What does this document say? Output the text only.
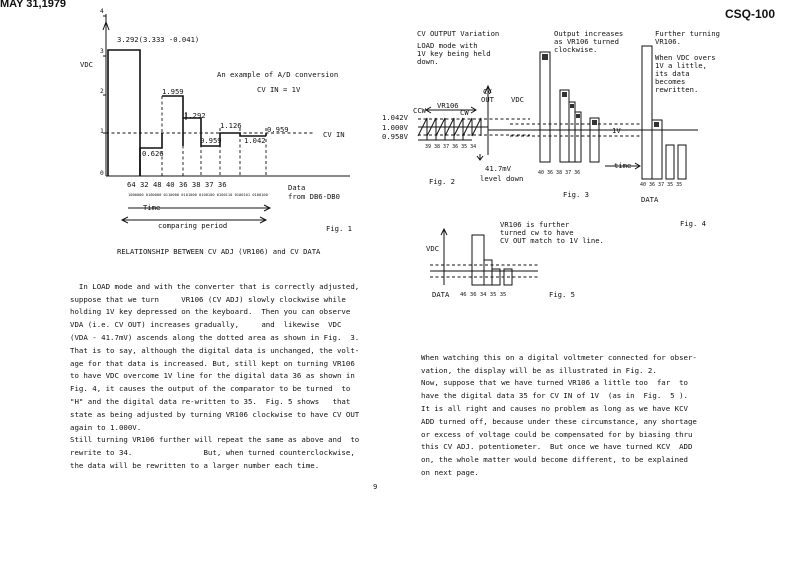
MAY 31,1979
CSQ-100
VDC
4
3
2
1
0
3.292(3.333 -0.041)
An example of A/D conversion
CV IN = 1V
1.959
1.292
1.126
0.959
0.626
0.959
1.042
CV IN
64 32 48 40 36 38 37 36	Data
from DB6-DB0
1000000 0100000 0110000 0101000 0100100 0100110 0100101 0100100
Time
comparing period	Fig. 1
RELATIONSHIP BETWEEN CV ADJ (VR106) and CV DATA

In LOAD mode and with the converter that is correctly adjusted,
suppose that we turn     VR106 (CV ADJ) slowly clockwise while
holding 1V key depressed on the keyboard.  Then you can observe
VDA (i.e. CV OUT) increases gradually,     and  likewise  VDC
(VDA - 41.7mV) ascends along the dotted area as shown in Fig.  3.
That is to say, although the digital data is unchanged, the volt-
age for that data is increased. But, still kept on turning VR106
to have VDC overcome 1V line for the digital data 36 as shown in
Fig. 4, it causes the output of the comparator to be turned  to
"H" and the digital data re-written to 35.  Fig. 5 shows   that
state as being adjusted by turning VR106 clockwise to have CV OUT
again to 1.000V.
Still turning VR106 further will repeat the same as above and  to
rewrite to 34.                But, when turned counterclockwise,
the data will be rewritten to a larger number each time.

9
CV OUTPUT Variation
LOAD mode with
1V key being held
down.
CV
OUT VDC
1.042V
1.000V
0.958V
CCW
VR106
CW
39 38 37 36 35 34
41.7mV
level down
Fig. 2
Output increases
as VR106 turned
clockwise.
1V
40 36 38 37 36
time
Fig. 3
Further turning
VR106.
When VDC overs
1V a little,
its data
becomes
rewritten.
40 36 37 35 35
DATA
Fig. 4
VR106 is further
turned cw to have
CV OUT match to 1V line.
VDC
DATA 46 36 34 35 35	Fig. 5

When watching this on a digital voltmeter connected for obser-
vation, the display will be as illustrated in Fig. 2.
Now, suppose that we have turned VR106 a little too  far  to
have the digital data 35 for CV IN of 1V  (as in  Fig.  5 ).
It is all right and causes no problem as long as we have KCV
ADD turned off, because under these circumstance, any shortage
or excess of voltage could be compensated for by biasing thru
this CV ADJ. potentiometer.  But once we have turned KCV  ADD
on, the whole matter would become different, to be explained
on next page.
